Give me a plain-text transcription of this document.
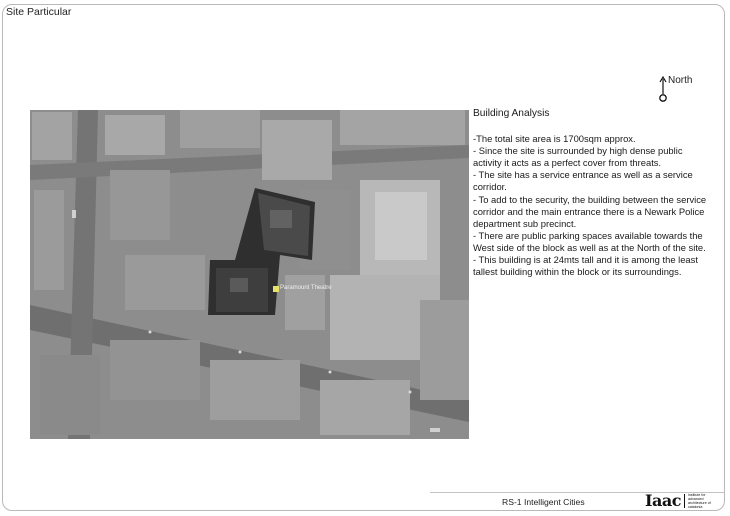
Site Particular
North
Paramount Theatre
Building Analysis

-The total site area is 1700sqm approx.

- Since the site is surrounded by high dense public activity it acts as a perfect cover from threats.

- The site has a service entrance as well as a service corridor.

- To add to the security, the building between the service corridor and the main entrance there is a Newark Police department sub precinct.

- There are public parking spaces available towards the West side of the block as well as at the North of the site.

- This building is at 24mts tall and it is among the least tallest building within the block or its surroundings.

RS-1 Intelligent Cities	Iaac institute for advanced architecture of catalonia
